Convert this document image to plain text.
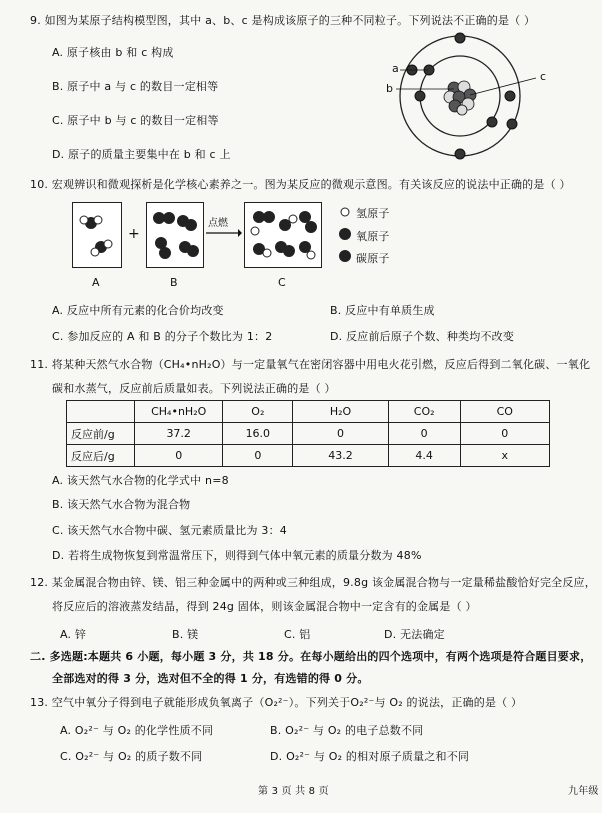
9. 如图为某原子结构模型图，其中 a、b、c 是构成该原子的三种不同粒子。下列说法不正确的是（ ）
A. 原子核由 b 和 c 构成
B. 原子中 a 与 c 的数目一定相等
C. 原子中 b 与 c 的数目一定相等
D. 原子的质量主要集中在 b 和 c 上
a
b
c
10. 宏观辨识和微观探析是化学核心素养之一。图为某反应的微观示意图。有关该反应的说法中正确的是（ ）
+
点燃
A	B	C
氢原子
氧原子
碳原子
A. 反应中所有元素的化合价均改变	B. 反应中有单质生成
C. 参加反应的 A 和 B 的分子个数比为 1：2	D. 反应前后原子个数、种类均不改变
11. 将某种天然气水合物（CH₄•nH₂O）与一定量氧气在密闭容器中用电火花引燃，反应后得到二氧化碳、一氧化
碳和水蒸气，反应前后质量如表。下列说法正确的是（ ）
	CH₄•nH₂O	O₂	H₂O	CO₂	CO
反应前/g	37.2	16.0	0	0	0
反应后/g	0	0	43.2	4.4	x
A. 该天然气水合物的化学式中 n=8
B. 该天然气水合物为混合物
C. 该天然气水合物中碳、氢元素质量比为 3：4
D. 若将生成物恢复到常温常压下，则得到气体中氧元素的质量分数为 48%
12. 某金属混合物由锌、镁、铝三种金属中的两种或三种组成，9.8g 该金属混合物与一定量稀盐酸恰好完全反应，
将反应后的溶液蒸发结晶，得到 24g 固体，则该金属混合物中一定含有的金属是（ ）
A. 锌	B. 镁	C. 铝	D. 无法确定
二. 多选题:本题共 6 小题，每小题 3 分，共 18 分。在每小题给出的四个选项中，有两个选项是符合题目要求，
全部选对的得 3 分，选对但不全的得 1 分，有选错的得 0 分。
13. 空气中氧分子得到电子就能形成负氧离子（O₂²⁻）。下列关于O₂²⁻与 O₂ 的说法，正确的是（ ）
A. O₂²⁻ 与 O₂ 的化学性质不同	B. O₂²⁻ 与 O₂ 的电子总数不同
C. O₂²⁻ 与 O₂ 的质子数不同	D. O₂²⁻ 与 O₂ 的相对原子质量之和不同
第 3 页 共 8 页	九年级
